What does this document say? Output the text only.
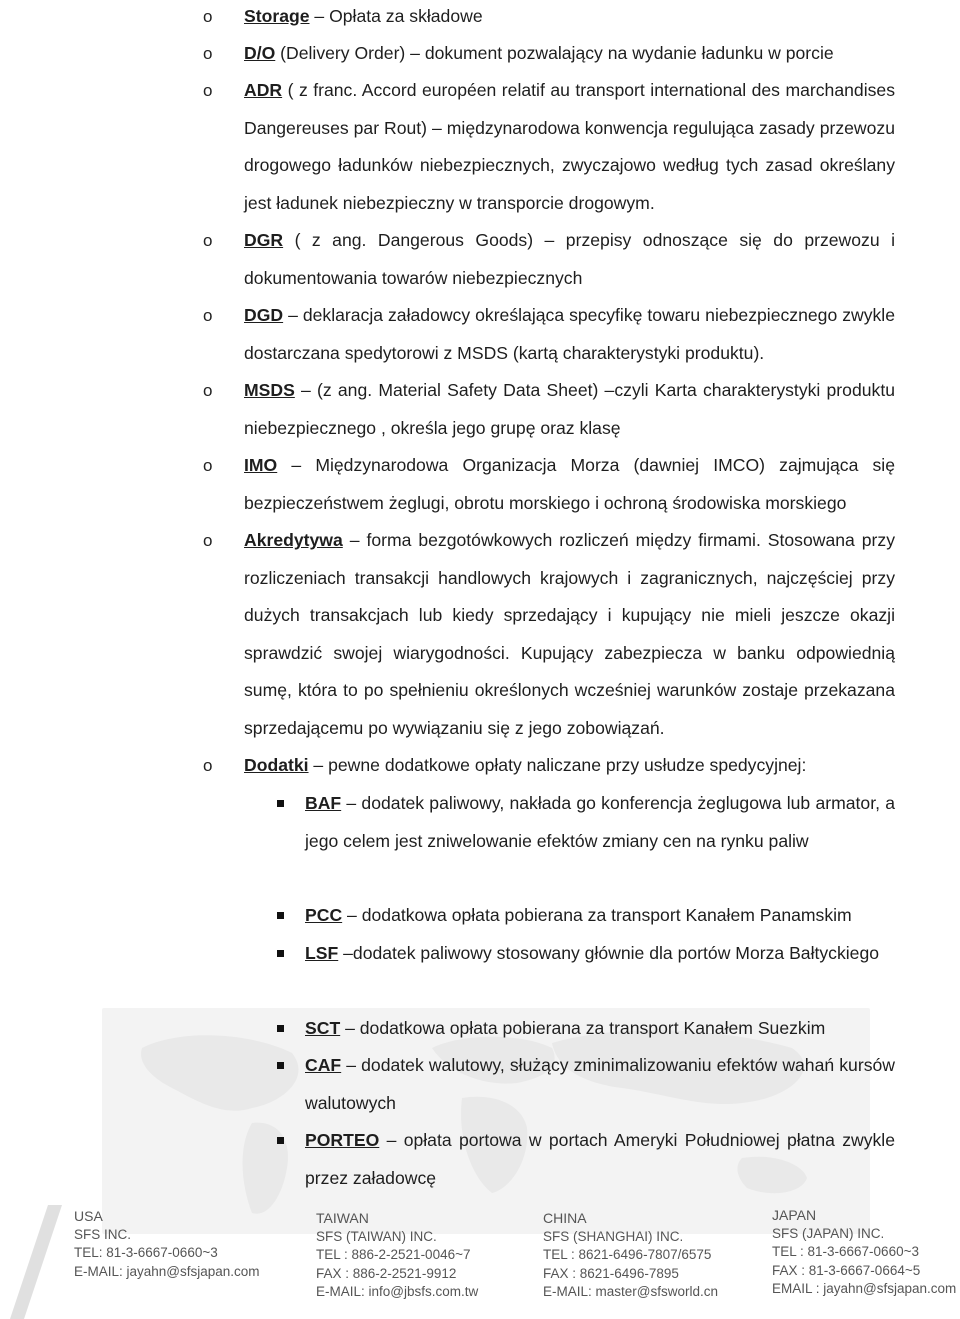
o Storage – Opłata za składowe
o D/O (Delivery Order) – dokument pozwalający na wydanie ładunku w porcie
o ADR ( z franc. Accord européen relatif au transport international des marchandises Dangereuses par Rout) – międzynarodowa konwencja regulująca zasady przewozu drogowego ładunków niebezpiecznych, zwyczajowo według tych zasad określany jest ładunek niebezpieczny w transporcie drogowym.
o DGR ( z ang. Dangerous Goods) – przepisy odnoszące się do przewozu i dokumentowania towarów niebezpiecznych
o DGD – deklaracja załadowcy określająca specyfikę towaru niebezpiecznego zwykle dostarczana spedytorowi z MSDS (kartą charakterystyki produktu).
o MSDS – (z ang. Material Safety Data Sheet) –czyli Karta charakterystyki produktu niebezpiecznego , określa jego grupę oraz klasę
o IMO – Międzynarodowa Organizacja Morza (dawniej IMCO) zajmująca się bezpieczeństwem żeglugi, obrotu morskiego i ochroną środowiska morskiego
o Akredytywa – forma bezgotówkowych rozliczeń między firmami. Stosowana przy rozliczeniach transakcji handlowych krajowych i zagranicznych, najczęściej przy dużych transakcjach lub kiedy sprzedający i kupujący nie mieli jeszcze okazji sprawdzić swojej wiarygodności. Kupujący zabezpiecza w banku odpowiednią sumę, która to po spełnieniu określonych wcześniej warunków zostaje przekazana sprzedającemu po wywiązaniu się z jego zobowiązań.
o Dodatki – pewne dodatkowe opłaty naliczane przy usłudze spedycyjnej:
BAF – dodatek paliwowy, nakłada go konferencja żeglugowa lub armator, a jego celem jest zniwelowanie efektów zmiany cen na rynku paliw
PCC – dodatkowa opłata pobierana za transport Kanałem Panamskim
LSF –dodatek paliwowy stosowany głównie dla portów Morza Bałtyckiego
SCT – dodatkowa opłata pobierana za transport Kanałem Suezkim
CAF – dodatek walutowy, służący zminimalizowaniu efektów wahań kursów walutowych
PORTEO – opłata portowa w portach Ameryki Południowej płatna zwykle przez załadowcę
USA
SFS INC.
TEL: 81-3-6667-0660~3
E-MAIL: jayahn@sfsjapan.com
TAIWAN
SFS (TAIWAN) INC.
TEL : 886-2-2521-0046~7
FAX : 886-2-2521-9912
E-MAIL: info@jbsfs.com.tw
CHINA
SFS (SHANGHAI) INC.
TEL : 8621-6496-7807/6575
FAX : 8621-6496-7895
E-MAIL: master@sfsworld.cn
JAPAN
SFS (JAPAN) INC.
TEL : 81-3-6667-0660~3
FAX : 81-3-6667-0664~5
EMAIL : jayahn@sfsjapan.com
